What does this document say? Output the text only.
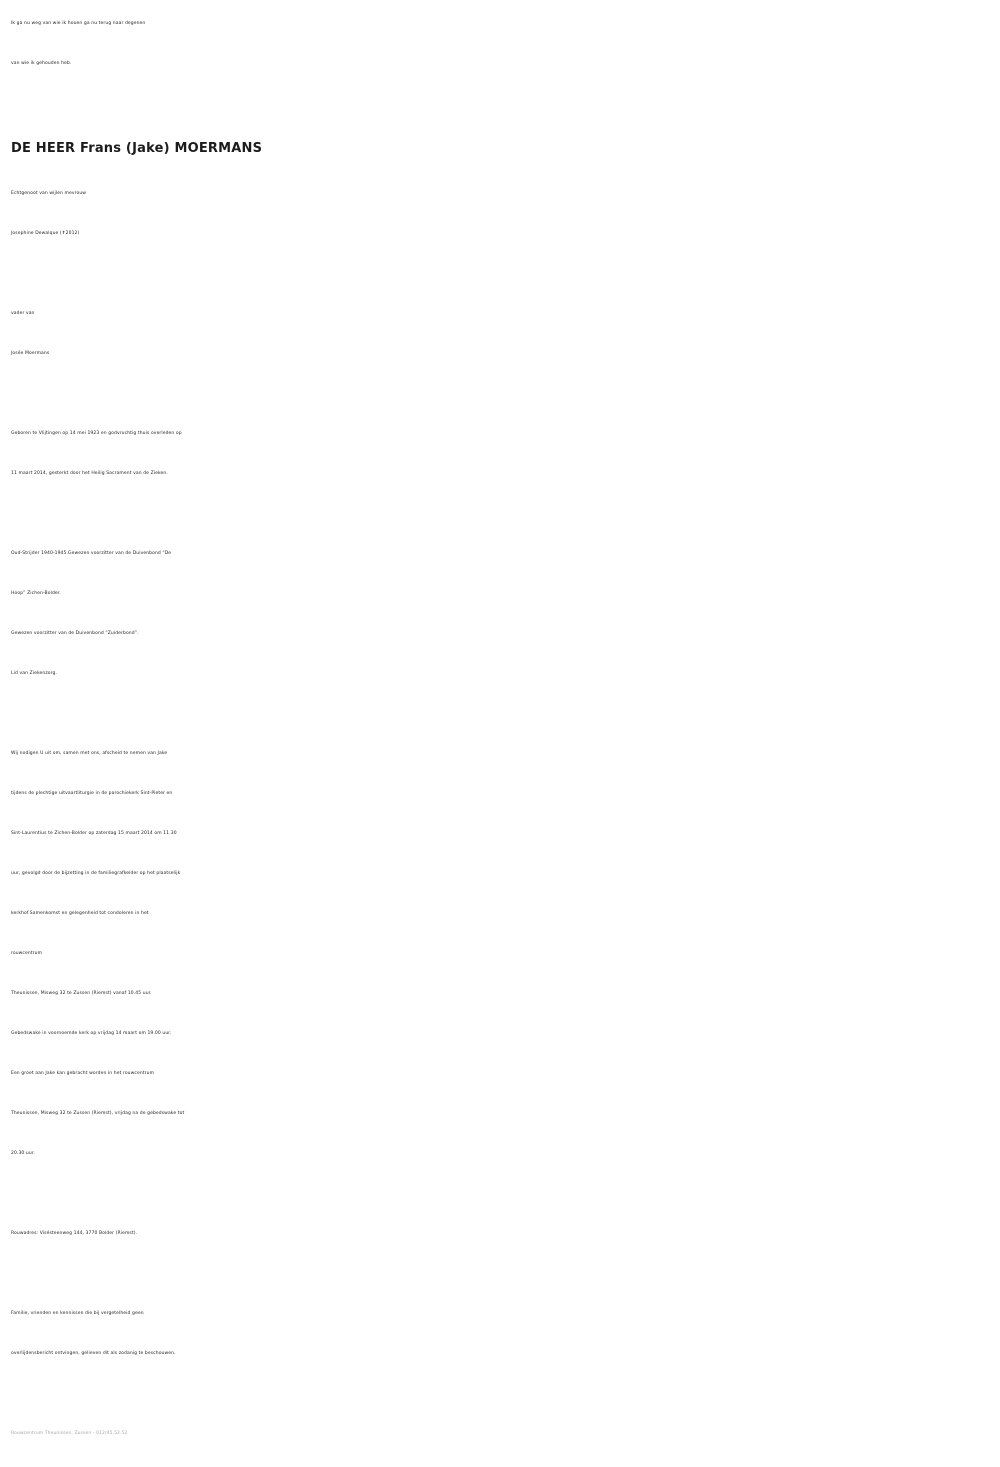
Ik ga nu weg van wie ik houen ga nu terug naar degenen
van wie ik gehouden heb.
DE HEER Frans (Jake) MOERMANS
Echtgenoot van wijlen mevrouw
Josephine Dewalque (✝2012)
vader van
Josée Moermans
Geboren te Vlijtingen op 14 mei 1923 en godvruchtig thuis overleden op
11 maart 2014, gesterkt door het Heilig Sacrament van de Zieken.
Oud-Strijder 1940-1945.Gewezen voorzitter van de Duivenbond “De
Hoop” Zichen-Bolder.
Gewezen voorzitter van de Duivenbond “Zuiderbond”.
Lid van Ziekenzorg.
Wij nodigen U uit om, samen met ons, afscheid te nemen van Jake
tijdens de plechtige uitvaartliturgie in de parochiekerk Sint-Pieter en
Sint-Laurentius te Zichen-Bolder op zaterdag 15 maart 2014 om 11.30
uur, gevolgd door de bijzetting in de familiegrafkelder op het plaatselijk
kerkhof.Samenkomst en gelegenheid tot condoleren in het
rouwcentrum
Theunissen, Misweg 32 te Zussen (Riemst) vanaf 10.45 uur.
Gebedswake in voornoemde kerk op vrijdag 14 maart om 19.00 uur.
Een groet aan Jake kan gebracht worden in het rouwcentrum
Theunissen, Misweg 32 te Zussen (Riemst), vrijdag na de gebedswake tot
20.30 uur.
Rouwadres: Visésteenweg 144, 3770 Bolder (Riemst).
Familie, vrienden en kennissen die bij vergetelheid geen
overlijdensbericht ontvingen, gelieven dit als zodanig te beschouwen.
Rouwcentrum Theunissen, Zussen - 012/45.52.52
